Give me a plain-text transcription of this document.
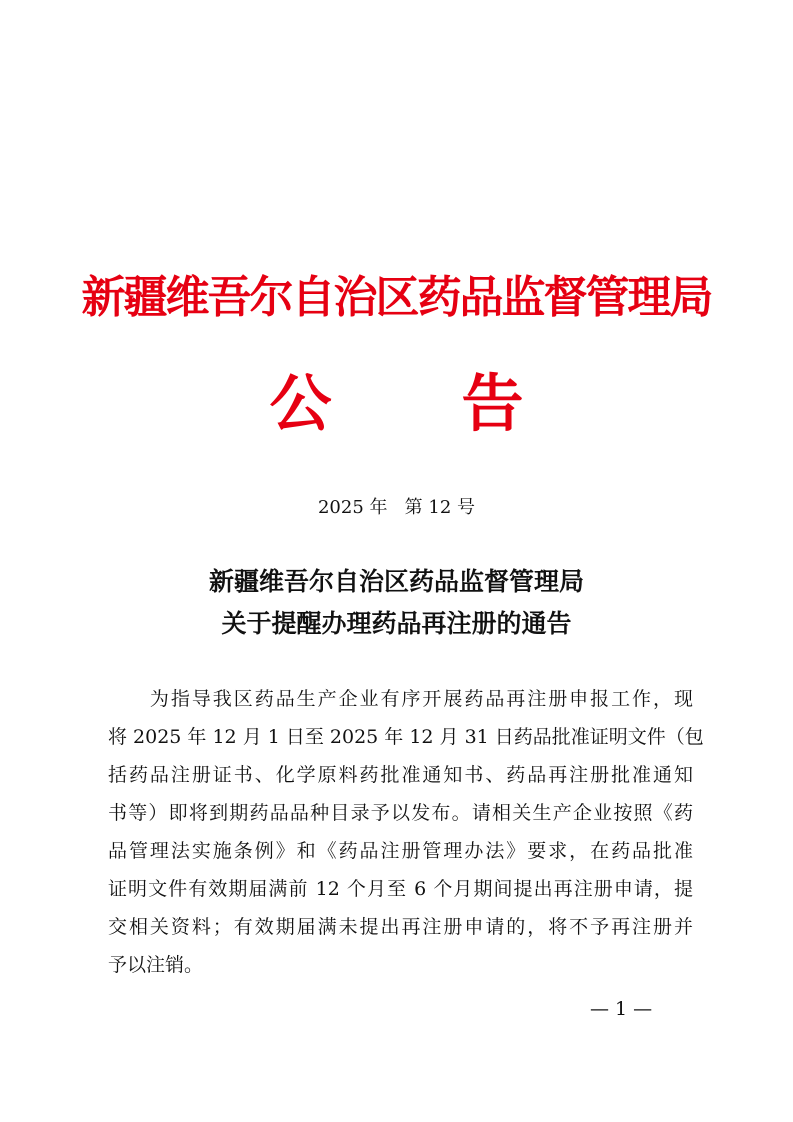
新疆维吾尔自治区药品监督管理局
公告
2025 年   第 12 号
新疆维吾尔自治区药品监督管理局
关于提醒办理药品再注册的通告
　　为指导我区药品生产企业有序开展药品再注册申报工作，现
将 2025 年 12 月 1 日至 2025 年 12 月 31 日药品批准证明文件（包
括药品注册证书、化学原料药批准通知书、药品再注册批准通知
书等）即将到期药品品种目录予以发布。请相关生产企业按照《药
品管理法实施条例》和《药品注册管理办法》要求，在药品批准
证明文件有效期届满前 12 个月至 6 个月期间提出再注册申请，提
交相关资料；有效期届满未提出再注册申请的，将不予再注册并
予以注销。
— 1 —
